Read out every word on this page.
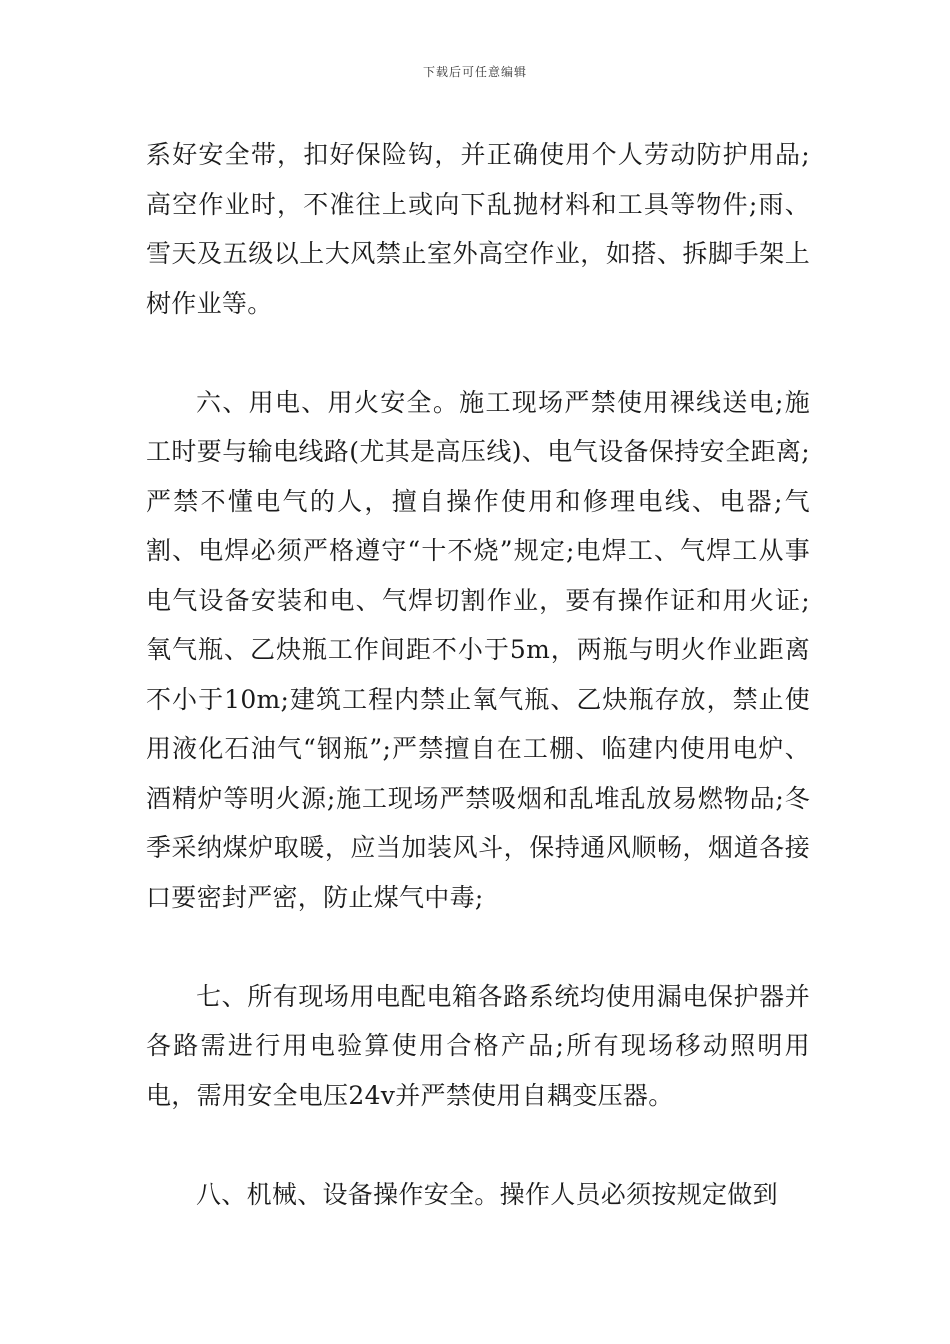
下载后可任意编辑

系好安全带，扣好保险钩，并正确使用个人劳动防护用品;高空作业时，不准往上或向下乱抛材料和工具等物件;雨、雪天及五级以上大风禁止室外高空作业，如搭、拆脚手架上树作业等。

六、用电、用火安全。施工现场严禁使用裸线送电;施工时要与输电线路(尤其是高压线)、电气设备保持安全距离;严禁不懂电气的人，擅自操作使用和修理电线、电器;气割、电焊必须严格遵守“十不烧”规定;电焊工、气焊工从事电气设备安装和电、气焊切割作业，要有操作证和用火证;氧气瓶、乙炔瓶工作间距不小于5m，两瓶与明火作业距离不小于10m;建筑工程内禁止氧气瓶、乙炔瓶存放，禁止使用液化石油气“钢瓶”;严禁擅自在工棚、临建内使用电炉、酒精炉等明火源;施工现场严禁吸烟和乱堆乱放易燃物品;冬季采纳煤炉取暖，应当加装风斗，保持通风顺畅，烟道各接口要密封严密，防止煤气中毒;

七、所有现场用电配电箱各路系统均使用漏电保护器并各路需进行用电验算使用合格产品;所有现场移动照明用电，需用安全电压24v并严禁使用自耦变压器。

八、机械、设备操作安全。操作人员必须按规定做到
